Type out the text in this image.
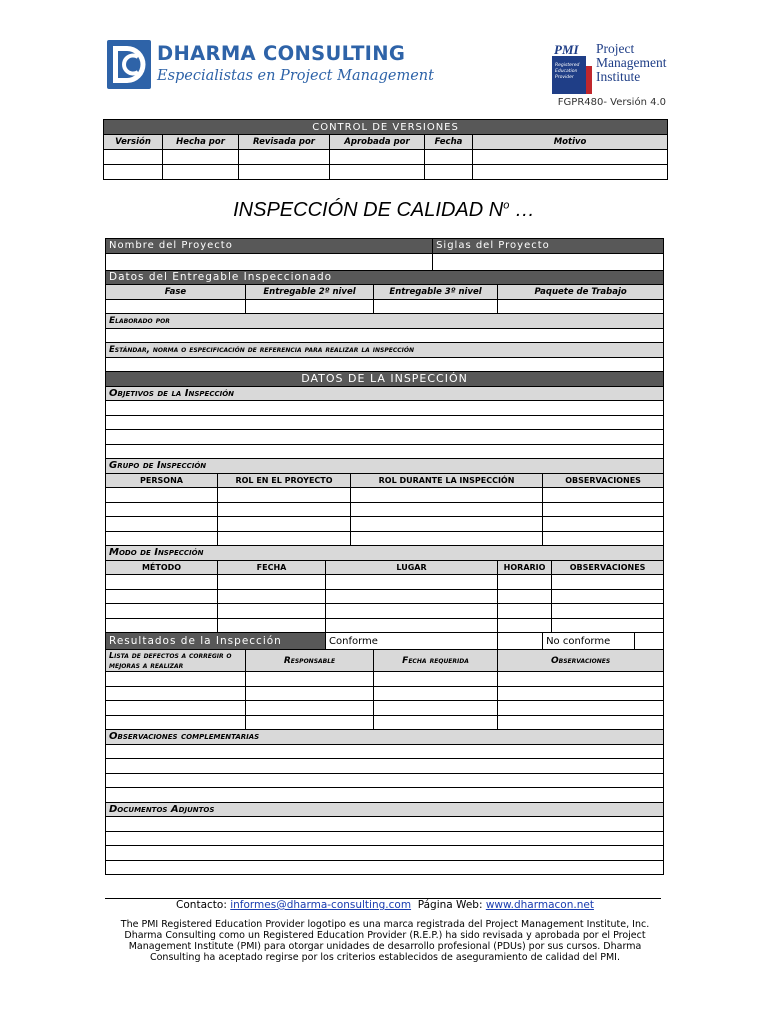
DHARMA CONSULTING
Especialistas en Project Management
PMI
Registered
Education
Provider
Project
Management
Institute
FGPR480- Versión 4.0
CONTROL DE VERSIONES					
Versión	Hecha por	Revisada por	Aprobada por	Fecha	Motivo

INSPECCIÓN DE CALIDAD $N^o$ …
Nombre del Proyecto						Siglas del Proyecto				

Datos del Entregable Inspeccionado										
Fase		Entregable 2º nivel			Entregable 3º nivel		Paquete de Trabajo			

Elaborado por										

Estándar, norma o especificación de referencia para realizar la inspección										

DATOS DE LA INSPECCIÓN										
Objetivos de la Inspección										

Grupo de Inspección										
PERSONA	ROL EN EL PROYECTO			ROL DURANTE LA INSPECCIÓN				OBSERVACIONES		

Modo de Inspección										
MÉTODO	FECHA		LUGAR				HORARIO		OBSERVACIONES	

Resultados de la Inspección			Conforme					No conforme		
Lista de defectos a corregir o mejoras a realizar		Responsable			Fecha requerida		Observaciones			

Observaciones complementarias										

Documentos Adjuntos										

Contacto: informes@dharma-consulting.com Página Web: www.dharmacon.net
The PMI Registered Education Provider logotipo es una marca registrada del Project Management Institute, Inc.
Dharma Consulting como un Registered Education Provider (R.E.P.) ha sido revisada y aprobada por el Project Management Institute (PMI) para otorgar unidades de desarrollo profesional (PDUs) por sus cursos. Dharma Consulting ha aceptado regirse por los criterios establecidos de aseguramiento de calidad del PMI.
